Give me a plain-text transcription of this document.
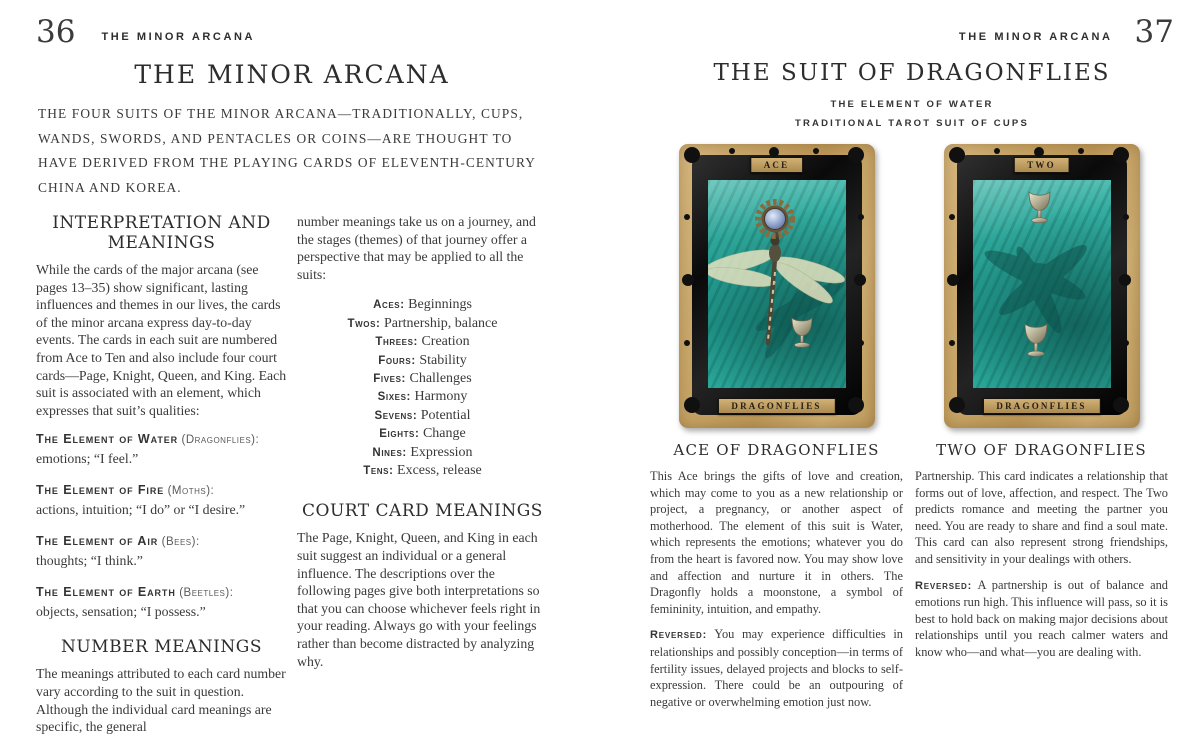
36 THE MINOR ARCANA
THE MINOR ARCANA

THE FOUR SUITS OF THE MINOR ARCANA—TRADITIONALLY, CUPS, WANDS, SWORDS, AND PENTACLES OR COINS—ARE THOUGHT TO HAVE DERIVED FROM THE PLAYING CARDS OF ELEVENTH-CENTURY CHINA AND KOREA.

INTERPRETATION AND MEANINGS

While the cards of the major arcana (see pages 13–35) show significant, lasting influences and themes in our lives, the cards of the minor arcana express day-to-day events. The cards in each suit are numbered from Ace to Ten and also include four court cards—Page, Knight, Queen, and King. Each suit is associated with an element, which expresses that suit’s qualities:

The Element of Water (Dragonflies):
emotions; “I feel.”

The Element of Fire (Moths):
actions, intuition; “I do” or “I desire.”

The Element of Air (Bees):
thoughts; “I think.”

The Element of Earth (Beetles):
objects, sensation; “I possess.”

NUMBER MEANINGS

The meanings attributed to each card number vary according to the suit in question. Although the individual card meanings are specific, the general

number meanings take us on a journey, and the stages (themes) of that journey offer a perspective that may be applied to all the suits:

Aces: Beginnings
Twos: Partnership, balance
Threes: Creation
Fours: Stability
Fives: Challenges
Sixes: Harmony
Sevens: Potential
Eights: Change
Nines: Expression
Tens: Excess, release
COURT CARD MEANINGS

The Page, Knight, Queen, and King in each suit suggest an individual or a general influence. The descriptions over the following pages give both interpretations so that you can choose whichever feels right in your reading. Always go with your feelings rather than become distracted by analyzing why.

THE MINOR ARCANA 37
THE SUIT OF DRAGONFLIES
THE ELEMENT OF WATER
TRADITIONAL TAROT SUIT OF CUPS
ACE
DRAGONFLIES
TWO
DRAGONFLIES
ACE OF DRAGONFLIES

This Ace brings the gifts of love and creation, which may come to you as a new relationship or project, a pregnancy, or another aspect of motherhood. The element of this suit is Water, which represents the emotions; whatever you do from the heart is favored now. You may show love and affection and nurture it in others. The Dragonfly holds a moonstone, a symbol of femininity, intuition, and empathy.

Reversed: You may experience difficulties in relationships and possibly conception—in terms of fertility issues, delayed projects and blocks to self-expression. There could be an outpouring of negative or overwhelming emotion just now.

TWO OF DRAGONFLIES

Partnership. This card indicates a relationship that forms out of love, affection, and respect. The Two predicts romance and meeting the partner you need. You are ready to share and find a soul mate. This card can also represent strong friendships, and sensitivity in your dealings with others.

Reversed: A partnership is out of balance and emotions run high. This influence will pass, so it is best to hold back on making major decisions about relationships until you reach calmer waters and know who—and what—you are dealing with.
